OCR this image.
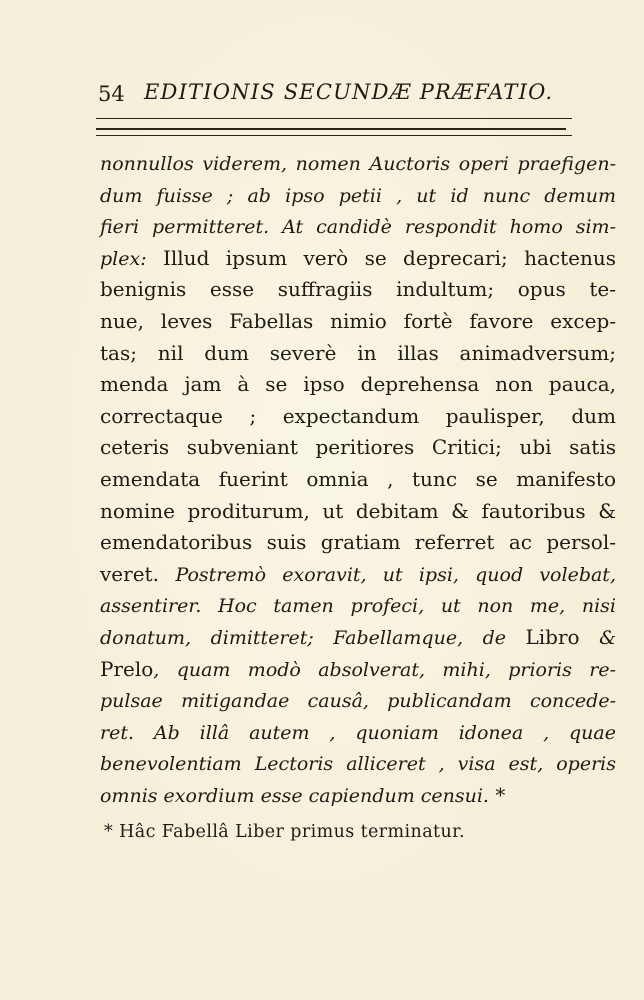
54 EDITIONIS SECUNDÆ PRÆFATIO.
nonnullos viderem, nomen Auctoris operi praefigen-
dum fuisse ; ab ipso petii , ut id nunc demum
fieri permitteret. At candidè respondit homo sim-
plex: Illud ipsum verò se deprecari; hactenus
benignis esse suffragiis indultum; opus te-
nue, leves Fabellas nimio fortè favore excep-
tas; nil dum severè in illas animadversum;
menda jam à se ipso deprehensa non pauca,
correctaque ; expectandum paulisper, dum
ceteris subveniant peritiores Critici; ubi satis
emendata fuerint omnia , tunc se manifesto
nomine proditurum, ut debitam & fautoribus &
emendatoribus suis gratiam referret ac persol-
veret. Postremò exoravit, ut ipsi, quod volebat,
assentirer. Hoc tamen profeci, ut non me, nisi
donatum, dimitteret; Fabellamque, de Libro &
Prelo, quam modò absolverat, mihi, prioris re-
pulsae mitigandae causâ, publicandam concede-
ret. Ab illâ autem , quoniam idonea , quae
benevolentiam Lectoris alliceret , visa est, operis
omnis exordium esse capiendum censui. *
* Hâc Fabellâ Liber primus terminatur.
